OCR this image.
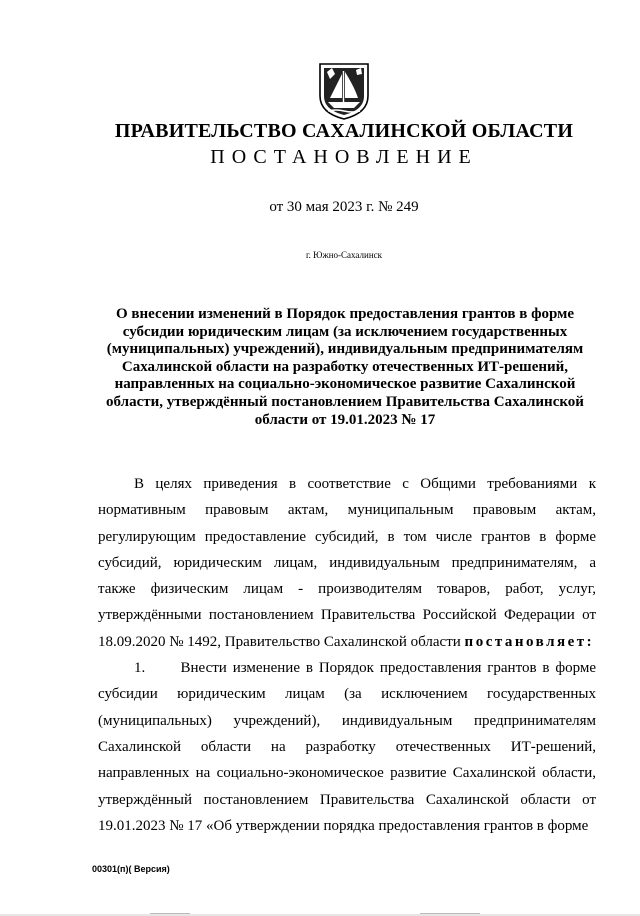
ПРАВИТЕЛЬСТВО САХАЛИНСКОЙ ОБЛАСТИ
ПОСТАНОВЛЕНИЕ
от 30 мая 2023 г. № 249
г. Южно-Сахалинск
О внесении изменений в Порядок предоставления грантов в форме субсидии юридическим лицам (за исключением государственных (муниципальных) учреждений), индивидуальным предпринимателям Сахалинской области на разработку отечественных ИТ-решений, направленных на социально-экономическое развитие Сахалинской области, утверждённый постановлением Правительства Сахалинской области от 19.01.2023 № 17

В целях приведения в соответствие с Общими требованиями к нормативным правовым актам, муниципальным правовым актам, регулирующим предоставление субсидий, в том числе грантов в форме субсидий, юридическим лицам, индивидуальным предпринимателям, а также физическим лицам - производителям товаров, работ, услуг, утверждёнными постановлением Правительства Российской Федерации от 18.09.2020 № 1492, Правительство Сахалинской области постановляет:

1. Внести изменение в Порядок предоставления грантов в форме субсидии юридическим лицам (за исключением государственных (муниципальных) учреждений), индивидуальным предпринимателям Сахалинской области на разработку отечественных ИТ-решений, направленных на социально-экономическое развитие Сахалинской области, утверждённый постановлением Правительства Сахалинской области от 19.01.2023 № 17 «Об утверждении порядка предоставления грантов в форме

00301(п)( Версия)
